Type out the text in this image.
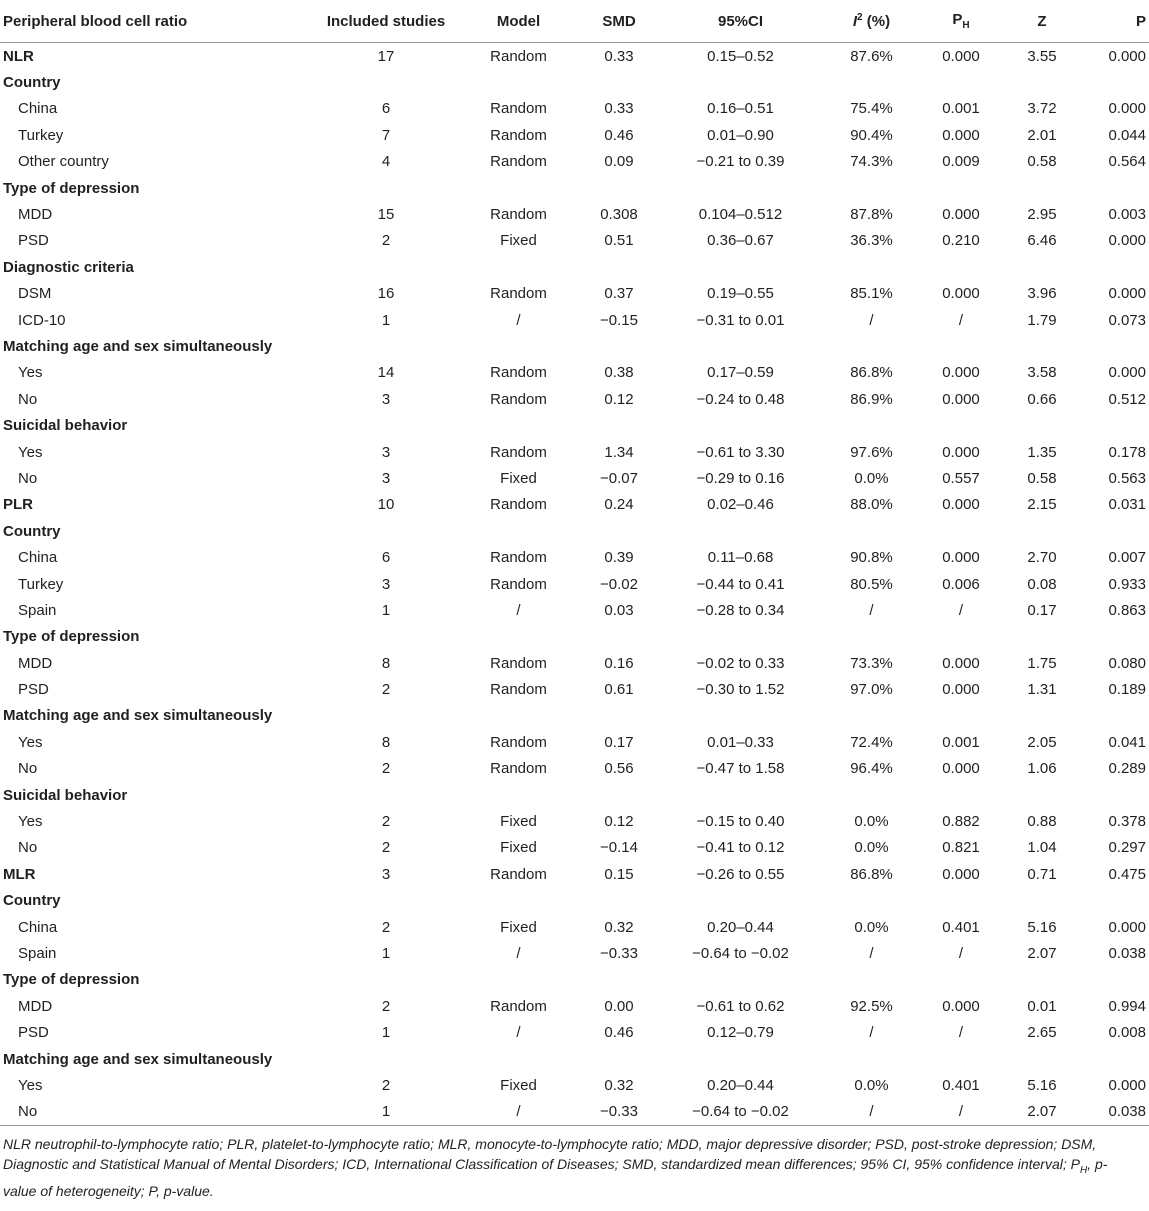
Peripheral blood cell ratio	Included studies	Model	SMD	95%CI	$I^2$ (%)	$P_H$	Z	P
NLR	17	Random	0.33	0.15–0.52	87.6%	0.000	3.55	0.000
Country								
China	6	Random	0.33	0.16–0.51	75.4%	0.001	3.72	0.000
Turkey	7	Random	0.46	0.01–0.90	90.4%	0.000	2.01	0.044
Other country	4	Random	0.09	−0.21 to 0.39	74.3%	0.009	0.58	0.564
Type of depression								
MDD	15	Random	0.308	0.104–0.512	87.8%	0.000	2.95	0.003
PSD	2	Fixed	0.51	0.36–0.67	36.3%	0.210	6.46	0.000
Diagnostic criteria								
DSM	16	Random	0.37	0.19–0.55	85.1%	0.000	3.96	0.000
ICD-10	1	/	−0.15	−0.31 to 0.01	/	/	1.79	0.073
Matching age and sex simultaneously								
Yes	14	Random	0.38	0.17–0.59	86.8%	0.000	3.58	0.000
No	3	Random	0.12	−0.24 to 0.48	86.9%	0.000	0.66	0.512
Suicidal behavior								
Yes	3	Random	1.34	−0.61 to 3.30	97.6%	0.000	1.35	0.178
No	3	Fixed	−0.07	−0.29 to 0.16	0.0%	0.557	0.58	0.563
PLR	10	Random	0.24	0.02–0.46	88.0%	0.000	2.15	0.031
Country								
China	6	Random	0.39	0.11–0.68	90.8%	0.000	2.70	0.007
Turkey	3	Random	−0.02	−0.44 to 0.41	80.5%	0.006	0.08	0.933
Spain	1	/	0.03	−0.28 to 0.34	/	/	0.17	0.863
Type of depression								
MDD	8	Random	0.16	−0.02 to 0.33	73.3%	0.000	1.75	0.080
PSD	2	Random	0.61	−0.30 to 1.52	97.0%	0.000	1.31	0.189
Matching age and sex simultaneously								
Yes	8	Random	0.17	0.01–0.33	72.4%	0.001	2.05	0.041
No	2	Random	0.56	−0.47 to 1.58	96.4%	0.000	1.06	0.289
Suicidal behavior								
Yes	2	Fixed	0.12	−0.15 to 0.40	0.0%	0.882	0.88	0.378
No	2	Fixed	−0.14	−0.41 to 0.12	0.0%	0.821	1.04	0.297
MLR	3	Random	0.15	−0.26 to 0.55	86.8%	0.000	0.71	0.475
Country								
China	2	Fixed	0.32	0.20–0.44	0.0%	0.401	5.16	0.000
Spain	1	/	−0.33	−0.64 to −0.02	/	/	2.07	0.038
Type of depression								
MDD	2	Random	0.00	−0.61 to 0.62	92.5%	0.000	0.01	0.994
PSD	1	/	0.46	0.12–0.79	/	/	2.65	0.008
Matching age and sex simultaneously								
Yes	2	Fixed	0.32	0.20–0.44	0.0%	0.401	5.16	0.000
No	1	/	−0.33	−0.64 to −0.02	/	/	2.07	0.038
NLR neutrophil-to-lymphocyte ratio; PLR, platelet-to-lymphocyte ratio; MLR, monocyte-to-lymphocyte ratio; MDD, major depressive disorder; PSD, post-stroke depression; DSM, Diagnostic and Statistical Manual of Mental Disorders; ICD, International Classification of Diseases; SMD, standardized mean differences; 95% CI, 95% confidence interval; $P_H$, p-value of heterogeneity; P, p-value.
